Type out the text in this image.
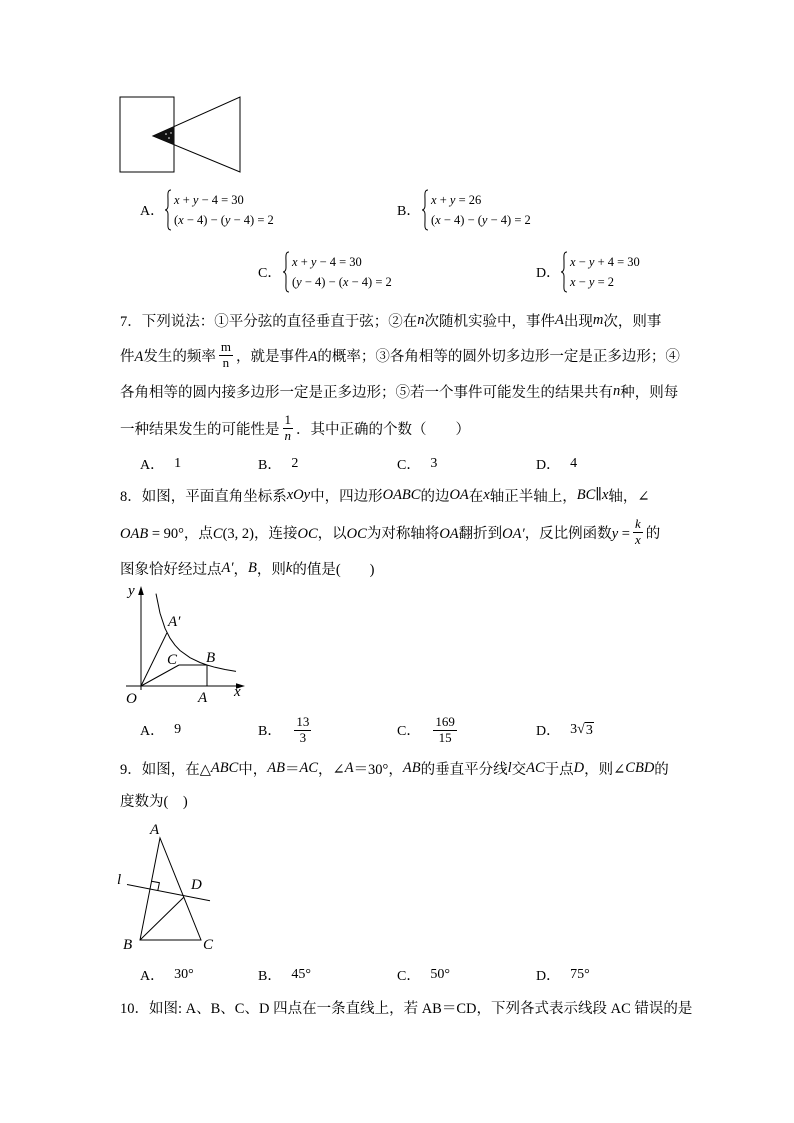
A．
x + y − 4 = 30
(x − 4) − (y − 4) = 2
B．
x + y = 26
(x − 4) − (y − 4) = 2
C．
x + y − 4 = 30
(y − 4) − (x − 4) = 2
D．
x − y + 4 = 30
x − y = 2
7．下列说法：①平分弦的直径垂直于弦；②在 n 次随机实验中，事件 A 出现 m 次，则事
件A发生的频率 $\frac{m}{n}$ ，就是事件A的概率；③各角相等的圆外切多边形一定是正多边形；④
各角相等的圆内接多边形一定是正多边形；⑤若一个事件可能发生的结果共有 n 种，则每
一种结果发生的可能性是 $\frac{1}{n}$ ．其中正确的个数（　　）
A． 1	B． 2	C． 3	D． 4
8．如图，平面直角坐标系 xOy 中，四边形 OABC 的边 OA 在 x 轴正半轴上， BC ∥ x 轴，∠
OAB = 90°，点C(3, 2)，连接OC，以OC为对称轴将OA翻折到OA′，反比例函数$y = \frac{k}{x}$ 的
图象恰好经过点 A′ ， B ，则 k 的值是(　　)
y
A′
C B
O	A x
A． 9	B． $\frac{13}{3}$	C． $\frac{169}{15}$	D． 3 √ 3
9．如图，在△ ABC 中， AB ＝ AC ，∠ A ＝30°， AB 的垂直平分线 l 交 AC 于点 D ，则∠ CBD 的
度数为(　)
A
l	D
B	C
A． 30°	B． 45°	C． 50°	D． 75°
10．如图: A、B、C、D 四点在一条直线上，若 AB＝CD，下列各式表示线段 AC 错误的是
